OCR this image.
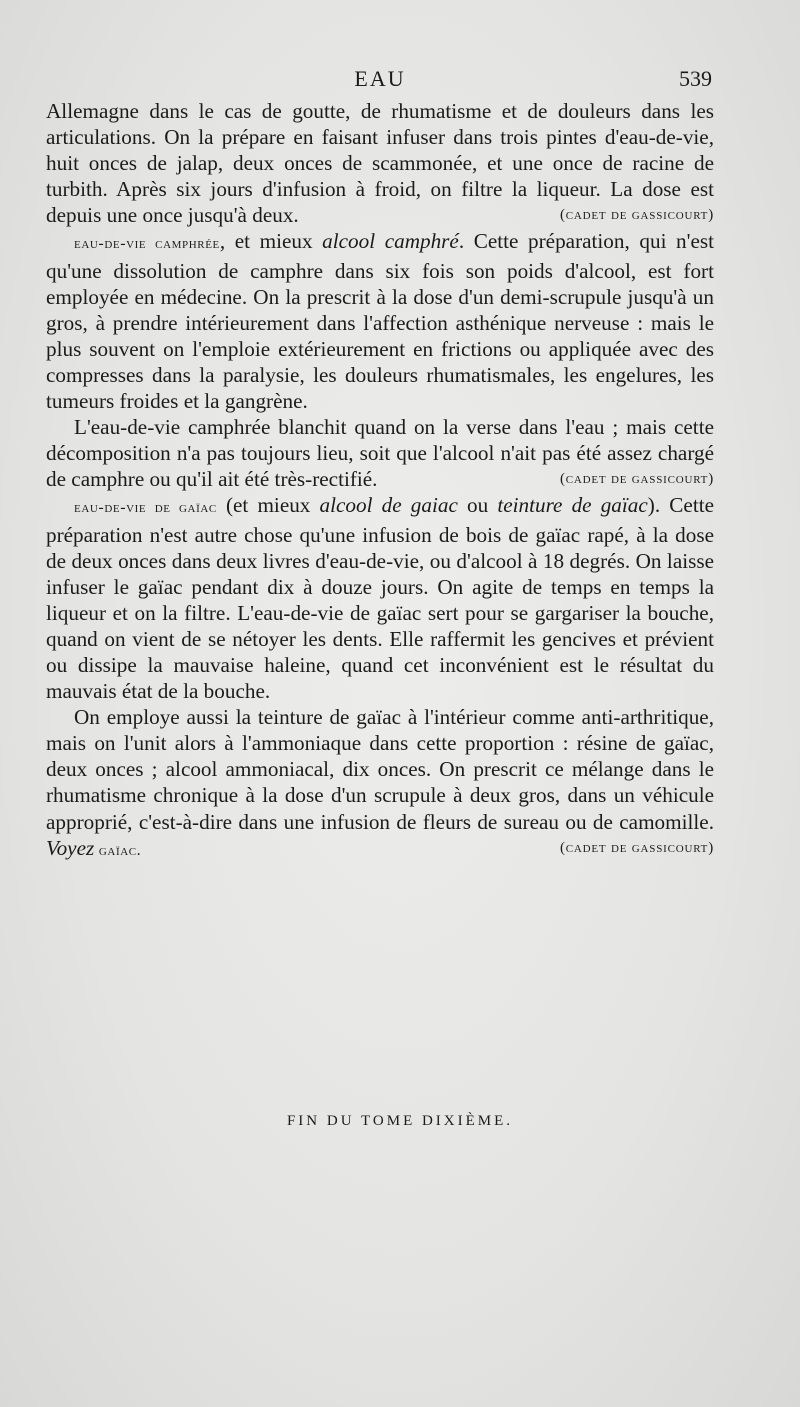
EAU	539

Allemagne dans le cas de goutte, de rhumatisme et de douleurs dans les articulations. On la prépare en faisant infuser dans trois pintes d'eau-de-vie, huit onces de jalap, deux onces de scammonée, et une once de racine de turbith. Après six jours d'infusion à froid, on filtre la liqueur. La dose est depuis une once jusqu'à deux.	(cadet de gassicourt)

eau-de-vie camphrée, et mieux alcool camphré. Cette préparation, qui n'est qu'une dissolution de camphre dans six fois son poids d'alcool, est fort employée en médecine. On la prescrit à la dose d'un demi-scrupule jusqu'à un gros, à prendre intérieurement dans l'affection asthénique nerveuse : mais le plus souvent on l'emploie extérieurement en frictions ou appliquée avec des compresses dans la paralysie, les douleurs rhumatismales, les engelures, les tumeurs froides et la gangrène.

L'eau-de-vie camphrée blanchit quand on la verse dans l'eau ; mais cette décomposition n'a pas toujours lieu, soit que l'alcool n'ait pas été assez chargé de camphre ou qu'il ait été très-rectifié.	(cadet de gassicourt)

eau-de-vie de gaïac (et mieux alcool de gaiac ou teinture de gaïac). Cette préparation n'est autre chose qu'une infusion de bois de gaïac rapé, à la dose de deux onces dans deux livres d'eau-de-vie, ou d'alcool à 18 degrés. On laisse infuser le gaïac pendant dix à douze jours. On agite de temps en temps la liqueur et on la filtre. L'eau-de-vie de gaïac sert pour se gargariser la bouche, quand on vient de se nétoyer les dents. Elle raffermit les gencives et prévient ou dissipe la mauvaise haleine, quand cet inconvénient est le résultat du mauvais état de la bouche.

On employe aussi la teinture de gaïac à l'intérieur comme anti-arthritique, mais on l'unit alors à l'ammoniaque dans cette proportion : résine de gaïac, deux onces ; alcool ammoniacal, dix onces. On prescrit ce mélange dans le rhumatisme chronique à la dose d'un scrupule à deux gros, dans un véhicule approprié, c'est-à-dire dans une infusion de fleurs de sureau ou de camomille. Voyez gaïac.	(cadet de gassicourt)

FIN DU TOME DIXIÈME.
